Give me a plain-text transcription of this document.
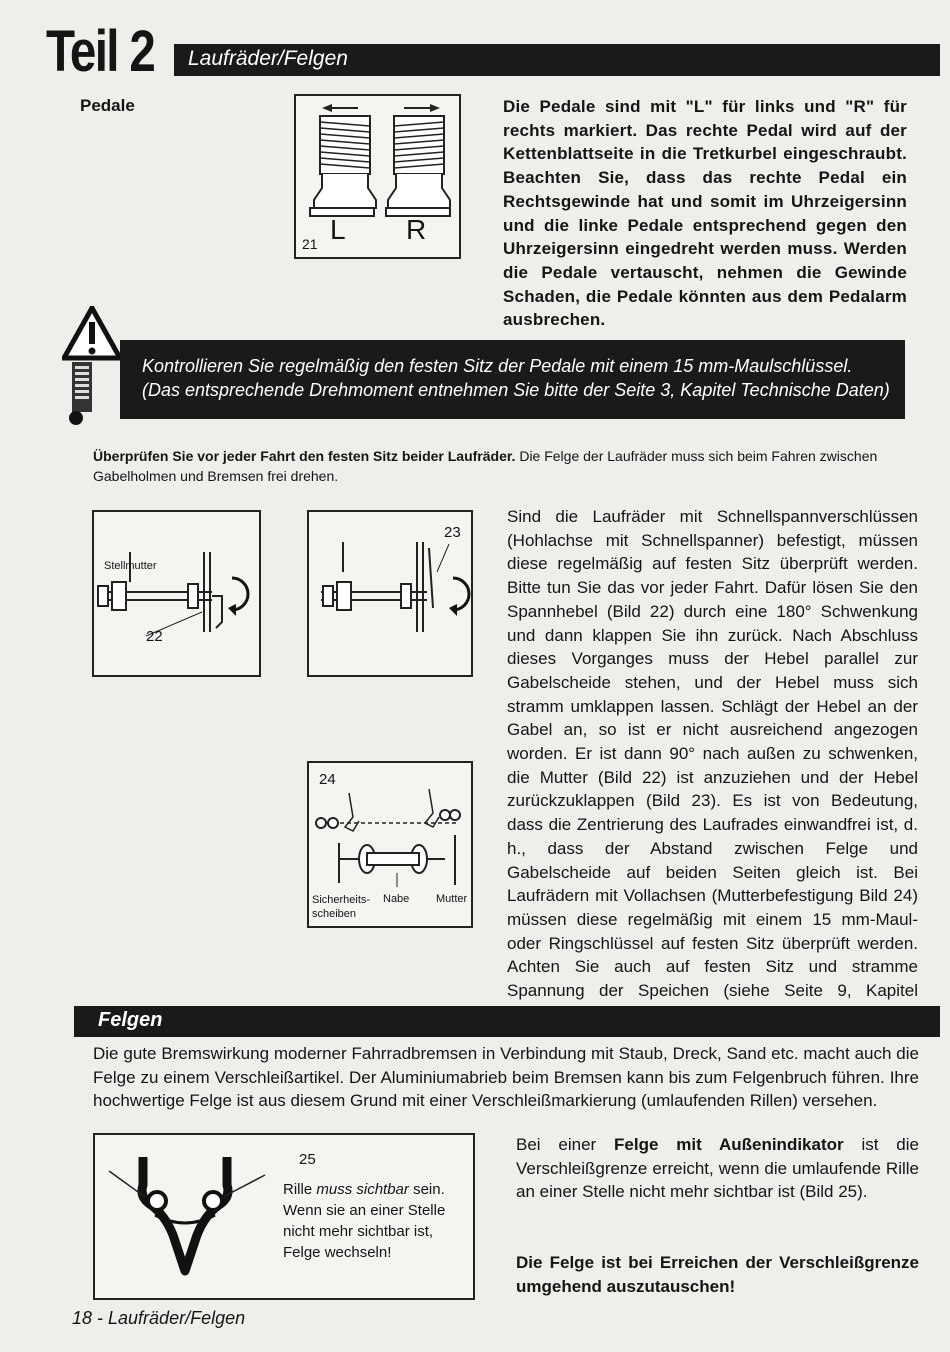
Teil 2 Laufräder/Felgen
Pedale
21 L R
Die Pedale sind mit "L" für links und "R" für rechts markiert. Das rechte Pedal wird auf der Kettenblattseite in die Tretkurbel eingeschraubt. Beachten Sie, dass das rechte Pedal ein Rechtsgewinde hat und somit im Uhrzeigersinn und die linke Pedale entsprechend gegen den Uhrzeigersinn eingedreht werden muss. Werden die Pedale vertauscht, nehmen die Gewinde Schaden, die Pedale könnten aus dem Pedalarm ausbrechen.
Kontrollieren Sie regelmäßig den festen Sitz der Pedale mit einem 15 mm-Maulschlüssel.
(Das entsprechende Drehmoment entnehmen Sie bitte der Seite 3, Kapitel Technische Daten)
Überprüfen Sie vor jeder Fahrt den festen Sitz beider Laufräder. Die Felge der Laufräder muss sich beim Fahren zwischen Gabelholmen und Bremsen frei drehen.
Stellmutter
22
23
24
Sicherheits-
scheiben
Nabe Mutter
Sind die Laufräder mit Schnellspannverschlüssen (Hohlachse mit Schnellspanner) befestigt, müssen diese regelmäßig auf festen Sitz überprüft werden. Bitte tun Sie das vor jeder Fahrt. Dafür lösen Sie den Spannhebel (Bild 22) durch eine 180° Schwenkung und dann klappen Sie ihn zurück. Nach Abschluss dieses Vorganges muss der Hebel parallel zur Gabelscheide stehen, und der Hebel muss sich stramm umklappen lassen. Schlägt der Hebel an der Gabel an, so ist er nicht ausreichend angezogen worden. Er ist dann 90° nach außen zu schwenken, die Mutter (Bild 22) ist anzuziehen und der Hebel zurückzuklappen (Bild 23). Es ist von Bedeutung, dass die Zentrierung des Laufrades einwandfrei ist, d. h., dass der Abstand zwischen Felge und Gabelscheide auf beiden Seiten gleich ist. Bei Laufrädern mit Vollachsen (Mutterbefestigung Bild 24) müssen diese regelmäßig mit einem 15 mm-Maul- oder Ringschlüssel auf festen Sitz überprüft werden. Achten Sie auch auf festen Sitz und stramme Spannung der Speichen (siehe Seite 9, Kapitel
Felgen
Die gute Bremswirkung moderner Fahrradbremsen in Verbindung mit Staub, Dreck, Sand etc. macht auch die Felge zu einem Verschleißartikel. Der Aluminiumabrieb beim Bremsen kann bis zum Felgenbruch führen. Ihre hochwertige Felge ist aus diesem Grund mit einer Verschleißmarkierung (umlaufenden Rillen) versehen.
25
Rille muss sichtbar sein.
Wenn sie an einer Stelle
nicht mehr sichtbar ist,
Felge wechseln!
Bei einer Felge mit Außenindikator ist die Verschleißgrenze erreicht, wenn die umlaufende Rille an einer Stelle nicht mehr sichtbar ist (Bild 25).
Die Felge ist bei Erreichen der Verschleißgrenze umgehend auszutauschen!
18 - Laufräder/Felgen
